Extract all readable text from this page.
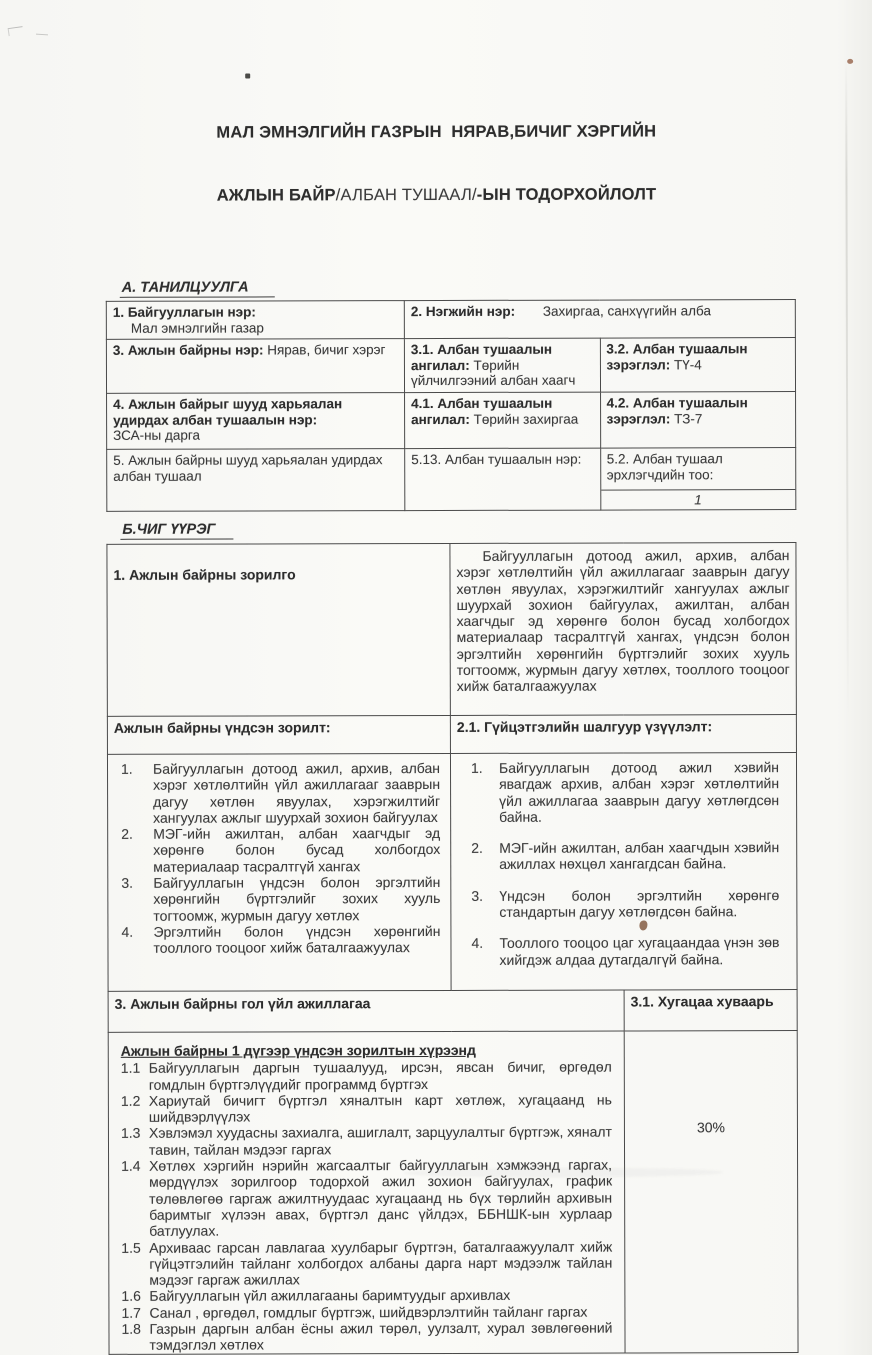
МАЛ ЭМНЭЛГИЙН ГАЗРЫН  НЯРАВ,БИЧИГ ХЭРГИЙН

АЖЛЫН БАЙР/АЛБАН ТУШААЛ/-ЫН ТОДОРХОЙЛОЛТ

А. ТАНИЛЦУУЛГА
1. Байгууллагын нэр:
Мал эмнэлгийн газар	2. Нэгжийн нэр: Захиргаа, санхүүгийн алба	
3. Ажлын байрны нэр: Нярав, бичиг хэрэг	3.1. Албан тушаалын ангилал: Төрийн үйлчилгээний албан хаагч	3.2. Албан тушаалын зэрэглэл: ТҮ-4
4. Ажлын байрыг шууд харьяалан удирдах албан тушаалын нэр:
ЗСА-ны дарга	4.1. Албан тушаалын ангилал: Төрийн захиргаа	4.2. Албан тушаалын зэрэглэл: ТЗ-7
5. Ажлын байрны шууд харьяалан удирдах албан тушаал	5.13. Албан тушаалын нэр:	5.2. Албан тушаал эрхлэгчдийн тоо:
1
Б.ЧИГ ҮҮРЭГ
1. Ажлын байрны зорилго	Байгууллагын дотоод ажил, архив, албан хэрэг хөтлөлтийн үйл ажиллагааг зааврын дагуу хөтлөн явуулах, хэрэгжилтийг хангуулах ажлыг шуурхай зохион байгуулах, ажилтан, албан хаагчдыг эд хөрөнгө болон бусад холбогдох материалаар тасралтгүй хангах, үндсэн болон эргэлтийн хөрөнгийн бүртгэлийг зохих хууль тогтоомж, журмын дагуу хөтлөх, тооллого тооцоог хийж баталгаажуулах	
Ажлын байрны үндсэн зорилт:	2.1. Гүйцэтгэлийн шалгуур үзүүлэлт:	

1.	Байгууллагын дотоод ажил, архив, албан хэрэг хөтлөлтийн үйл ажиллагааг зааврын дагуу хөтлөн явуулах, хэрэгжилтийг хангуулах ажлыг шуурхай зохион байгуулах
2.	МЭГ-ийн ажилтан, албан хаагчдыг эд хөрөнгө болон бусад холбогдох материалаар тасралтгүй хангах
3.	Байгууллагын үндсэн болон эргэлтийн хөрөнгийн бүртгэлийг зохих хууль тогтоомж, журмын дагуу хөтлөх
4.	Эргэлтийн болон үндсэн хөрөнгийн тооллого тооцоог хийж баталгаажуулах

1.	Байгууллагын дотоод ажил хэвийн явагдаж архив, албан хэрэг хөтлөлтийн үйл ажиллагаа зааврын дагуу хөтлөгдсөн байна.
2.	МЭГ-ийн ажилтан, албан хаагчдын хэвийн ажиллах нөхцөл хангагдсан байна.
3.	Үндсэн болон эргэлтийн хөрөнгө стандартын дагуу хөтлөгдсөн байна.
4.	Тооллого тооцоо цаг хугацаандаа үнэн зөв хийгдэж алдаа дутагдалгүй байна.

3. Ажлын байрны гол үйл ажиллагаа		3.1. Хугацаа хуваарь

Ажлын байрны 1 дүгээр үндсэн зорилтын хүрээнд
1.1 Байгууллагын даргын тушаалууд, ирсэн, явсан бичиг, өргөдөл гомдлын бүртгэлүүдийг программд бүртгэх
1.2 Хариутай бичигт бүртгэл хяналтын карт хөтлөж, хугацаанд нь шийдвэрлүүлэх
1.3 Хэвлэмэл хуудасны захиалга, ашиглалт, зарцуулалтыг бүртгэж, хяналт тавин, тайлан мэдээг гаргах
1.4 Хөтлөх хэргийн нэрийн жагсаалтыг байгууллагын хэмжээнд гаргах, мөрдүүлэх зорилгоор тодорхой ажил зохион байгуулах, график төлөвлөгөө гаргаж ажилтнуудаас хугацаанд нь бүх төрлийн архивын баримтыг хүлээн авах, бүртгэл данс үйлдэх, ББНШК-ын хурлаар батлуулах.
1.5 Архиваас гарсан лавлагаа хуулбарыг бүртгэн, баталгаажуулалт хийж гүйцэтгэлийн тайланг холбогдох албаны дарга нарт мэдээлж тайлан мэдээг гаргаж ажиллах
1.6 Байгууллагын үйл ажиллагааны баримтуудыг архивлах
1.7 Санал , өргөдөл, гомдлыг бүртгэж, шийдвэрлэлтийн тайланг гаргах
1.8 Газрын даргын албан ёсны ажил төрөл, уулзалт, хурал зөвлөгөөний тэмдэглэл хөтлөх
	30%
